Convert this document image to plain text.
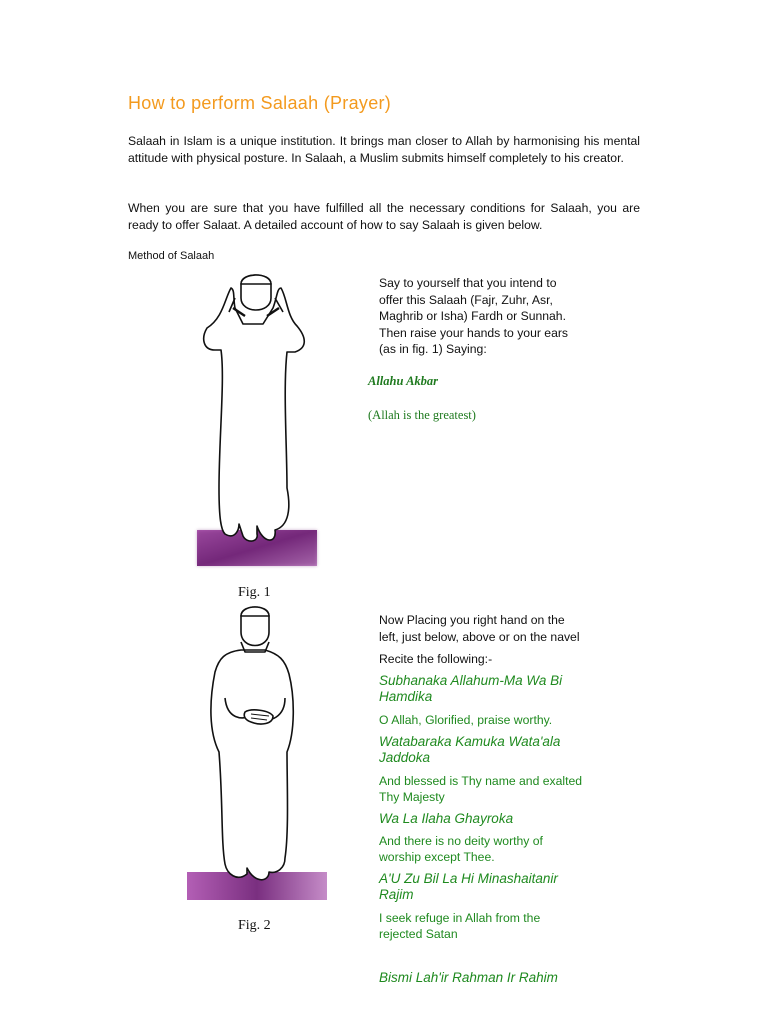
How to perform Salaah (Prayer)
Salaah in Islam is a unique institution. It brings man closer to Allah by harmonising his mental attitude with physical posture. In Salaah, a Muslim submits himself completely to his creator.
When you are sure that you have fulfilled all the necessary conditions for Salaah, you are ready to offer Salaat. A detailed account of how to say Salaah is given below.
Method of Salaah
Fig. 1
Say to yourself that you intend to
offer this Salaah (Fajr, Zuhr, Asr,
Maghrib or Isha) Fardh or Sunnah.
Then raise your hands to your ears
(as in fig. 1) Saying:
Allahu Akbar
(Allah is the greatest)
Fig. 2
Now Placing you right hand on the
left, just below, above or on the navel
Recite the following:-
Subhanaka Allahum-Ma Wa Bi
Hamdika
O Allah, Glorified, praise worthy.
Watabaraka Kamuka Wata'ala
Jaddoka
And blessed is Thy name and exalted
Thy Majesty
Wa La Ilaha Ghayroka
And there is no deity worthy of
worship except Thee.
A'U Zu Bil La Hi Minashaitanir
Rajim
I seek refuge in Allah from the
rejected Satan
Bismi Lah'ir Rahman Ir Rahim
